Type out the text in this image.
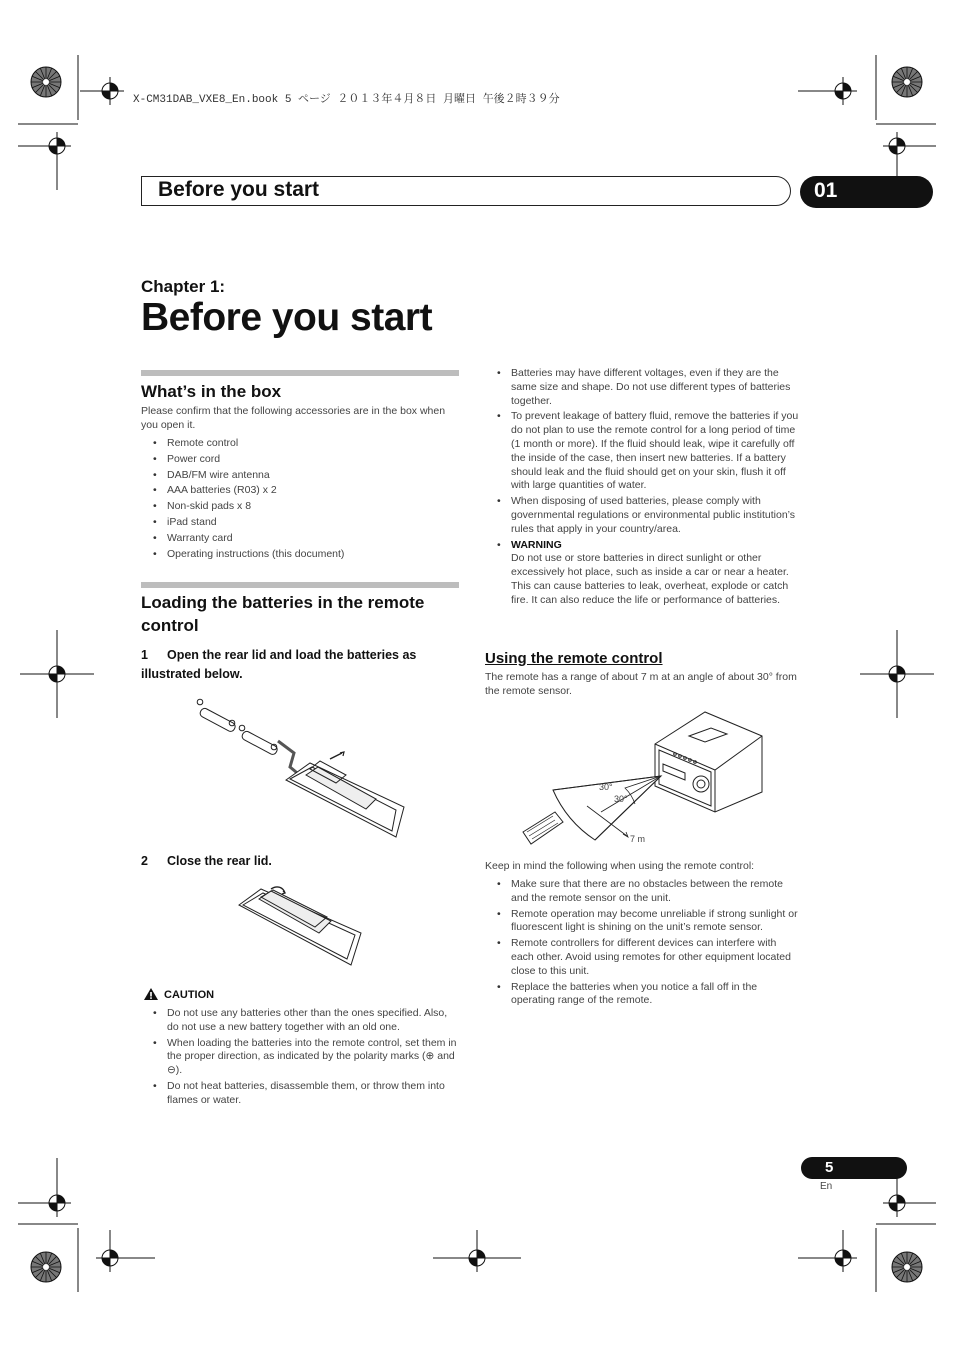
X-CM31DAB_VXE8_En.book 5 ページ ２０１３年４月８日 月曜日 午後２時３９分
Before you start	01
Chapter 1:
Before you start
What’s in the box
Please confirm that the following accessories are in the box when you open it.
• Remote control
• Power cord
• DAB/FM wire antenna
• AAA batteries (R03) x 2
• Non-skid pads x 8
• iPad stand
• Warranty card
• Operating instructions (this document)
Loading the batteries in the remote control
1 Open the rear lid and load the batteries as illustrated below.
2 Close the rear lid.
CAUTION
• Do not use any batteries other than the ones specified. Also, do not use a new battery together with an old one.
• When loading the batteries into the remote control, set them in the proper direction, as indicated by the polarity marks (⊕ and ⊖).
• Do not heat batteries, disassemble them, or throw them into flames or water.
• Batteries may have different voltages, even if they are the same size and shape. Do not use different types of batteries together.
• To prevent leakage of battery fluid, remove the batteries if you do not plan to use the remote control for a long period of time (1 month or more). If the fluid should leak, wipe it carefully off the inside of the case, then insert new batteries. If a battery should leak and the fluid should get on your skin, flush it off with large quantities of water.
• When disposing of used batteries, please comply with governmental regulations or environmental public institution’s rules that apply in your country/area.
• WARNING
Do not use or store batteries in direct sunlight or other excessively hot place, such as inside a car or near a heater. This can cause batteries to leak, overheat, explode or catch fire. It can also reduce the life or performance of batteries.
Using the remote control
The remote has a range of about 7 m at an angle of about 30° from the remote sensor.
30°
30°
7 m
Keep in mind the following when using the remote control:
• Make sure that there are no obstacles between the remote and the remote sensor on the unit.
• Remote operation may become unreliable if strong sunlight or fluorescent light is shining on the unit’s remote sensor.
• Remote controllers for different devices can interfere with each other. Avoid using remotes for other equipment located close to this unit.
• Replace the batteries when you notice a fall off in the operating range of the remote.
5
En
